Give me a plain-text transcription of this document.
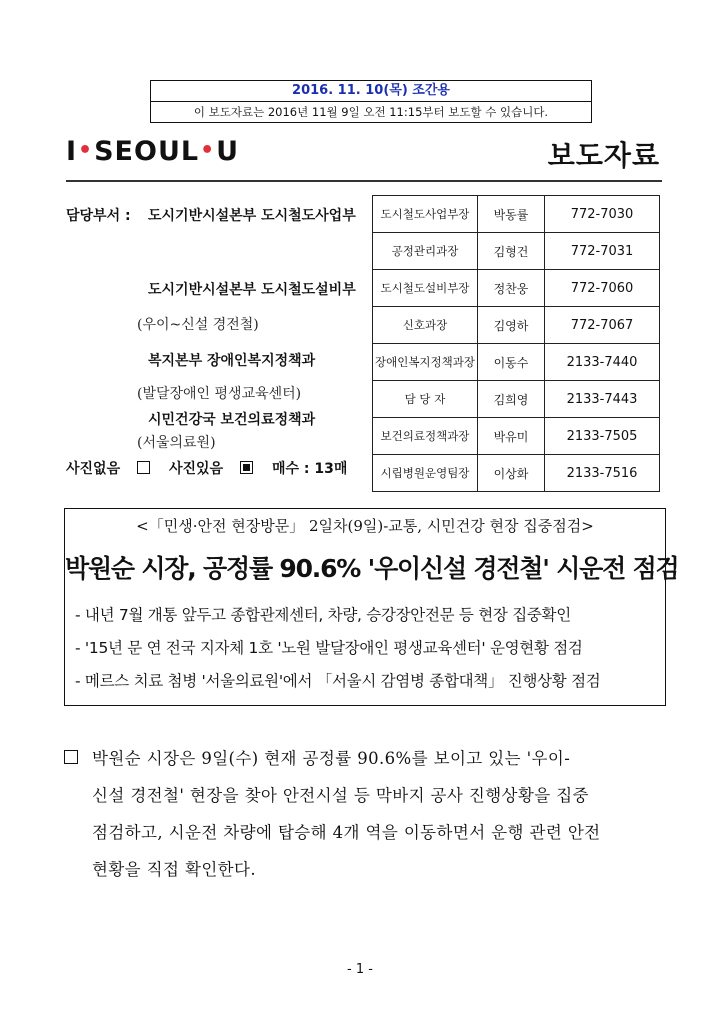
2016. 11. 10(목) 조간용
이 보도자료는 2016년 11월 9일 오전 11:15부터 보도할 수 있습니다.
I•SEOUL•U	보도자료
담당부서 : 도시기반시설본부 도시철도사업부
도시기반시설본부 도시철도설비부
(우이~신설 경전철)
복지본부 장애인복지정책과
(발달장애인 평생교육센터)
시민건강국 보건의료정책과
(서울의료원)
도시철도사업부장	박동률	772-7030
공정관리과장	김형건	772-7031
도시철도설비부장	정찬웅	772-7060
신호과장	김영하	772-7067
장애인복지정책과장	이동수	2133-7440
담 당 자	김희영	2133-7443
보건의료정책과장	박유미	2133-7505
시립병원운영팀장	이상화	2133-7516
사진없음	사진있음	매수 : 13매
<「민생·안전 현장방문」 2일차(9일)-교통, 시민건강 현장 집중점검>
박원순 시장, 공정률 90.6% '우이신설 경전철' 시운전 점검
- 내년 7월 개통 앞두고 종합관제센터, 차량, 승강장안전문 등 현장 집중확인
- '15년 문 연 전국 지자체 1호 '노원 발달장애인 평생교육센터' 운영현황 점검
- 메르스 치료 첨병 '서울의료원'에서 「서울시 감염병 종합대책」 진행상황 점검
박원순 시장은 9일(수) 현재 공정률 90.6%를 보이고 있는 '우이-
신설 경전철' 현장을 찾아 안전시설 등 막바지 공사 진행상황을 집중
점검하고, 시운전 차량에 탑승해 4개 역을 이동하면서 운행 관련 안전
현황을 직접 확인한다.
- 1 -
